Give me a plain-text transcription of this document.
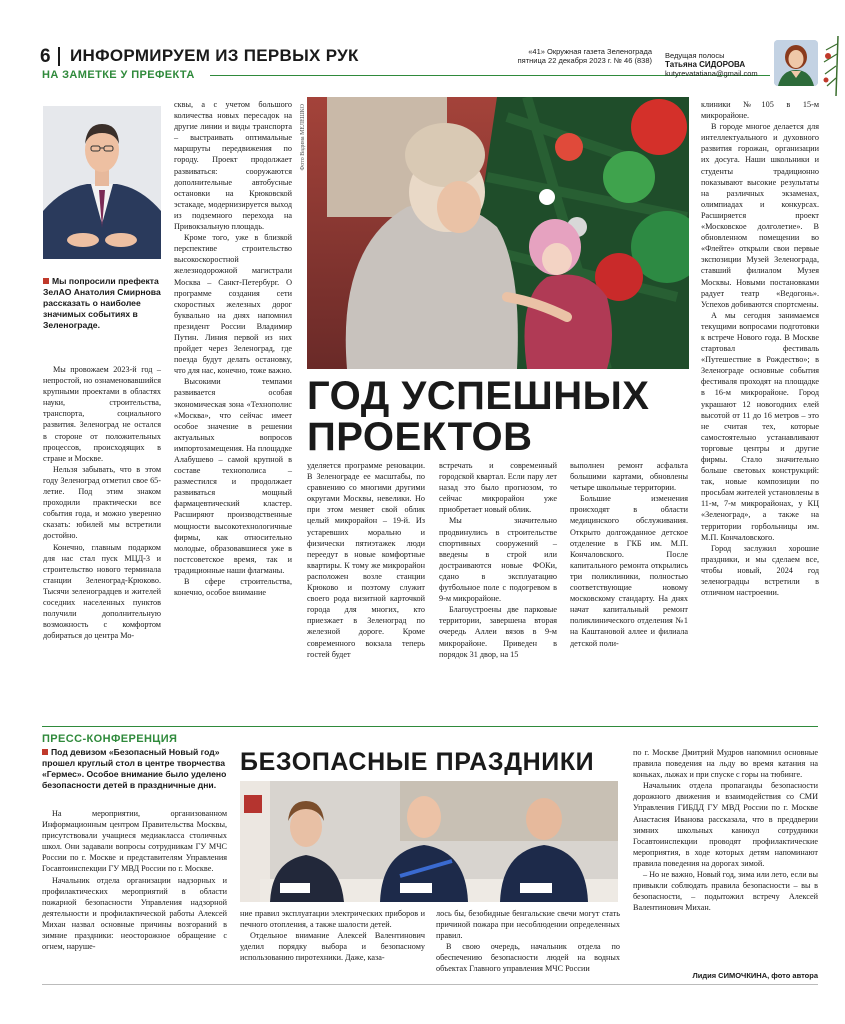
6 ИНФОРМИРУЕМ ИЗ ПЕРВЫХ РУК
НА ЗАМЕТКЕ У ПРЕФЕКТА
«41» Окружная газета Зеленограда
пятница 22 декабря 2023 г. № 46 (838)
Ведущая полосы
Татьяна СИДОРОВА
kutyrevatatiana@gmail.com
Мы попросили префекта ЗелАО Анатолия Смирнова рассказать о наиболее значимых событиях в Зеленограде.

Мы провожаем 2023-й год – непростой, но ознаменовавшийся крупными проектами в областях науки, строительства, транспорта, социального развития. Зеленоград не остался в стороне от положительных процессов, происходящих в стране и Москве.

Нельзя забывать, что в этом году Зеленоград отметил свое 65-летие. Под этим знаком проходили практически все события года, и можно уверенно сказать: юбилей мы встретили достойно.

Конечно, главным подарком для нас стал пуск МЦД-3 и строительство нового терминала станции Зеленоград-Крюково. Тысячи зеленоградцев и жителей соседних населенных пунктов получили дополнительную возможность с комфортом добираться до центра Мо-

сквы, а с учетом большого количества новых пересадок на другие линии и виды транспорта – выстраивать оптимальные маршруты передвижения по городу. Проект продолжает развиваться: сооружаются дополнительные автобусные остановки на Крюковской эстакаде, модернизируется выход из подземного перехода на Привокзальную площадь.

Кроме того, уже в близкой перспективе строительство высокоскоростной железнодорожной магистрали Москва – Санкт-Петербург. О программе создания сети скоростных железных дорог буквально на днях напомнил президент России Владимир Путин. Линия первой из них пройдет через Зеленоград, где поезда будут делать остановку, что для нас, конечно, тоже важно.

Высокими темпами развивается особая экономическая зона «Технополис «Москва», что сейчас имеет особое значение в решении актуальных вопросов импортозамещения. На площадке Алабушево – самой крупной в составе технополиса – разместился и продолжает развиваться мощный фармацевтический кластер. Расширяют производственные мощности высокотехнологичные фирмы, как относительно молодые, образовавшиеся уже в постсоветское время, так и традиционные наши флагманы.

В сфере строительства, конечно, особое внимание

Фото Вадима МЕЛЕШКО
ГОД УСПЕШНЫХ
ПРОЕКТОВ

уделяется программе реновации. В Зеленограде ее масштабы, по сравнению со многими другими округами Москвы, невелики. Но при этом меняет свой облик целый микрорайон – 19-й. Из устаревших морально и физически пятиэтажек люди переедут в новые комфортные квартиры. К тому же микрорайон расположен возле станции Крюково и поэтому служит своего рода визитной карточкой города для многих, кто приезжает в Зеленоград по железной дороге. Кроме современного вокзала теперь гостей будет

встречать и современный городской квартал. Если пару лет назад это было прогнозом, то сейчас микрорайон уже приобретает новый облик.

Мы значительно продвинулись в строительстве спортивных сооружений – введены в строй или достраиваются новые ФОКи, сдано в эксплуатацию футбольное поле с подогревом в 9-м микрорайоне.

Благоустроены две парковые территории, завершена вторая очередь Аллеи вязов в 9-м микрорайоне. Приведен в порядок 31 двор, на 15

выполнен ремонт асфальта большими картами, обновлены четыре школьные территории.

Большие изменения происходят в области медицинского обслуживания. Открыто долгожданное детское отделение в ГКБ им. М.П. Кончаловского. После капитального ремонта открылись три поликлиники, полностью соответствующие новому московскому стандарту. На днях начат капитальный ремонт поликлинического отделения №1 на Каштановой аллее и филиала детской поли-

клиники №105 в 15-м микрорайоне.

В городе многое делается для интеллектуального и духовного развития горожан, организации их досуга. Наши школьники и студенты традиционно показывают высокие результаты на различных экзаменах, олимпиадах и конкурсах. Расширяется проект «Московское долголетие». В обновленном помещении во «Флейте» открыли свои первые экспозиции Музей Зеленограда, ставший филиалом Музея Москвы. Новыми постановками радует театр «Ведогонь». Успехов добиваются спортсмены.

А мы сегодня занимаемся текущими вопросами подготовки к встрече Нового года. В Москве стартовал фестиваль «Путешествие в Рождество»; в Зеленограде основные события фестиваля проходят на площадке в 16-м микрорайоне. Город украшают 12 новогодних елей высотой от 11 до 16 метров – это не считая тех, которые самостоятельно устанавливают торговые центры и другие фирмы. Стало значительно больше световых конструкций: так, новые композиции по просьбам жителей установлены в 11-м, 7-м микрорайонах, у КЦ «Зеленоград», а также на территории горбольницы им. М.П. Кончаловского.

Город заслужил хорошие праздники, и мы сделаем все, чтобы новый, 2024 год зеленоградцы встретили в отличном настроении.

ПРЕСС-КОНФЕРЕНЦИЯ
Под девизом «Безопасный Новый год» прошел круглый стол в центре творчества «Гермес». Особое внимание было уделено безопасности детей в праздничные дни.

На мероприятии, организованном Информационным центром Правительства Москвы, присутствовали учащиеся медиакласса столичных школ. Они задавали вопросы сотрудникам ГУ МЧС России по г. Москве и представителям Управления Госавтоинспекции ГУ МВД России по г. Москве.

Начальник отдела организации надзорных и профилактических мероприятий в области пожарной безопасности Управления надзорной деятельности и профилактической работы Алексей Михан назвал основные причины возгораний в зимние праздники: неосторожное обращение с огнем, наруше-

БЕЗОПАСНЫЕ ПРАЗДНИКИ

ние правил эксплуатации электрических приборов и печного отопления, а также шалости детей.

Отдельное внимание Алексей Валентинович уделил порядку выбора и безопасному использованию пиротехники. Даже, каза-

лось бы, безобидные бенгальские свечи могут стать причиной пожара при несоблюдении определенных правил.

В свою очередь, начальник отдела по обеспечению безопасности людей на водных объектах Главного управления МЧС России

по г. Москве Дмитрий Мудров напомнил основные правила поведения на льду во время катания на коньках, лыжах и при спуске с горы на тюбинге.

Начальник отдела пропаганды безопасности дорожного движения и взаимодействия со СМИ Управления ГИБДД ГУ МВД России по г. Москве Анастасия Иванова рассказала, что в преддверии зимних школьных каникул сотрудники Госавтоинспекции проводят профилактические мероприятия, в ходе которых детям напоминают правила поведения на дорогах зимой.

– Но не важно, Новый год, зима или лето, если вы привыкли соблюдать правила безопасности – вы в безопасности, – подытожил встречу Алексей Валентинович Михан.

Лидия СИМОЧКИНА, фото автора
